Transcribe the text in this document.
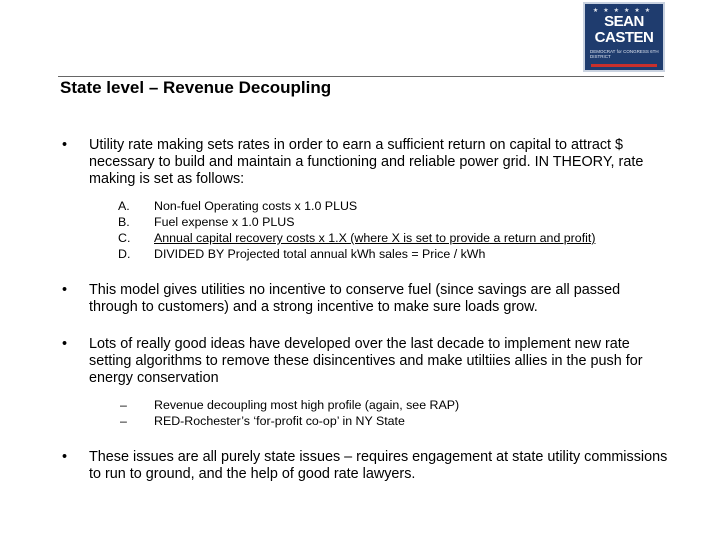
★★★★★★
SEAN
CASTEN
DEMOCRAT for CONGRESS 6TH DISTRICT
State level – Revenue Decoupling
• Utility rate making sets rates in order to earn a sufficient return on capital to attract $ necessary to build and maintain a functioning and reliable power grid. IN THEORY, rate making is set as follows:
A. Non-fuel Operating costs x 1.0 PLUS
B. Fuel expense x 1.0 PLUS
C. Annual capital recovery costs x 1.X (where X is set to provide a return and profit)
D. DIVIDED BY Projected total annual kWh sales = Price / kWh
• This model gives utilities no incentive to conserve fuel (since savings are all passed through to customers) and a strong incentive to make sure loads grow.
• Lots of really good ideas have developed over the last decade to implement new rate setting algorithms to remove these disincentives and make utiltiies allies in the push for energy conservation
– Revenue decoupling most high profile (again, see RAP)
– RED-Rochester’s ‘for-profit co-op’ in NY State
• These issues are all purely state issues – requires engagement at state utility commissions to run to ground, and the help of good rate lawyers.
